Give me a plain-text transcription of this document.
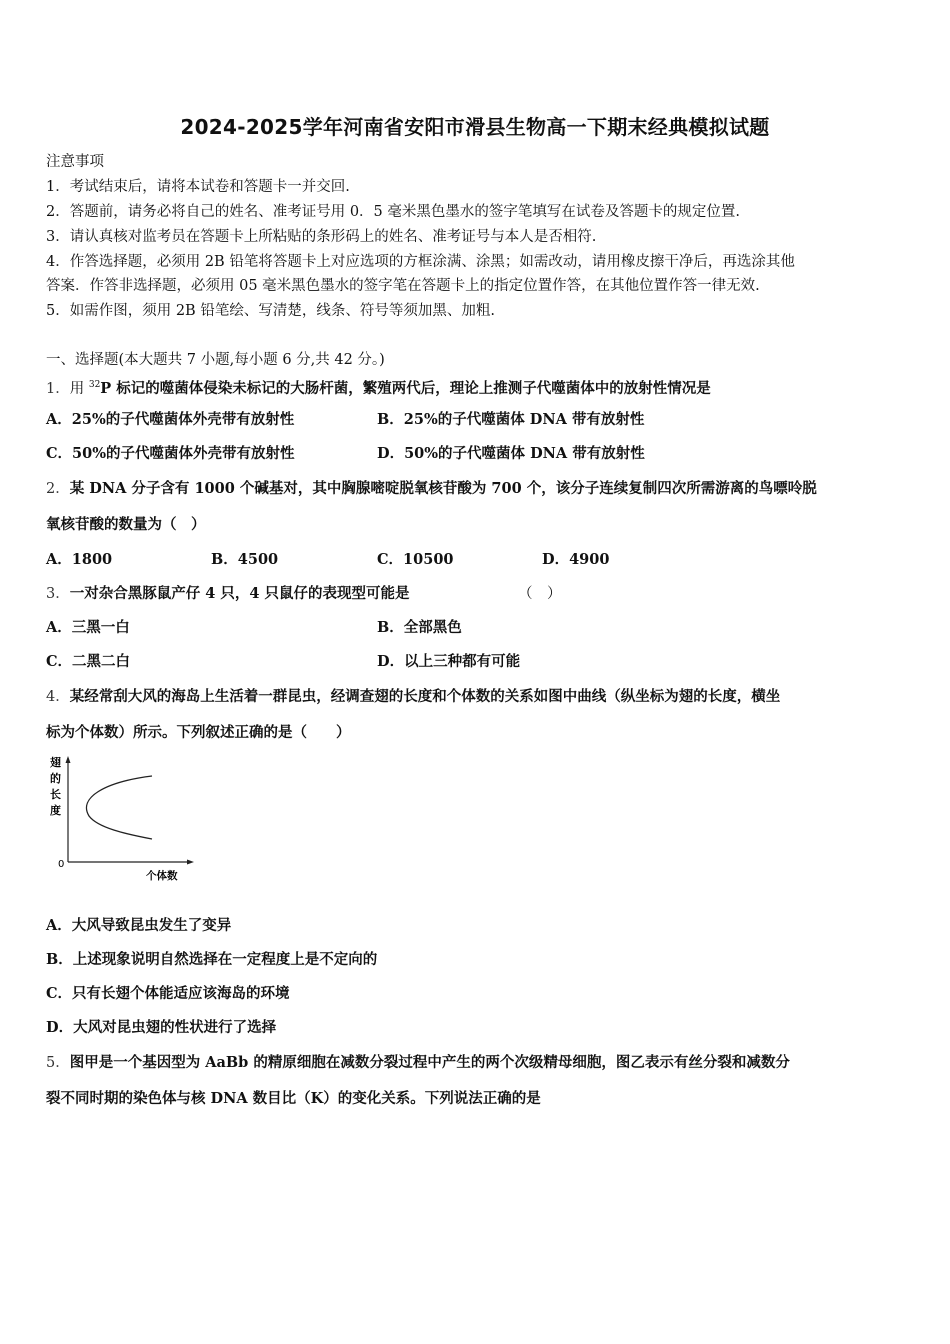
2024-2025学年河南省安阳市滑县生物高一下期末经典模拟试题
注意事项
1．考试结束后，请将本试卷和答题卡一并交回.
2．答题前，请务必将自己的姓名、准考证号用 0．5 毫米黑色墨水的签字笔填写在试卷及答题卡的规定位置.
3．请认真核对监考员在答题卡上所粘贴的条形码上的姓名、准考证号与本人是否相符.
4．作答选择题，必须用 2B 铅笔将答题卡上对应选项的方框涂满、涂黑；如需改动，请用橡皮擦干净后，再选涂其他
答案．作答非选择题，必须用 05 毫米黑色墨水的签字笔在答题卡上的指定位置作答，在其他位置作答一律无效.
5．如需作图，须用 2B 铅笔绘、写清楚，线条、符号等须加黑、加粗.
一、选择题(本大题共 7 小题,每小题 6 分,共 42 分。)
1．用 $^{32}$P 标记的噬菌体侵染未标记的大肠杆菌，繁殖两代后，理论上推测子代噬菌体中的放射性情况是
A．25%的子代噬菌体外壳带有放射性	B．25%的子代噬菌体 DNA 带有放射性
C．50%的子代噬菌体外壳带有放射性	D．50%的子代噬菌体 DNA 带有放射性
2．某 DNA 分子含有 1000 个碱基对，其中胸腺嘧啶脱氧核苷酸为 700 个，该分子连续复制四次所需游离的鸟嘌呤脱
氧核苷酸的数量为（　）
A．1800	B．4500	C．10500	D．4900
3．一对杂合黑豚鼠产仔 4 只，4 只鼠仔的表现型可能是	（　）
A．三黑一白	B．全部黑色
C．二黑二白	D．以上三种都有可能
4．某经常刮大风的海岛上生活着一群昆虫，经调查翅的长度和个体数的关系如图中曲线（纵坐标为翅的长度，横坐
标为个体数）所示。下列叙述正确的是（　　）
翅
的
长
度
0
个体数
A．大风导致昆虫发生了变异
B．上述现象说明自然选择在一定程度上是不定向的
C．只有长翅个体能适应该海岛的环境
D．大风对昆虫翅的性状进行了选择
5．图甲是一个基因型为 AaBb 的精原细胞在减数分裂过程中产生的两个次级精母细胞，图乙表示有丝分裂和减数分
裂不同时期的染色体与核 DNA 数目比（K）的变化关系。下列说法正确的是
